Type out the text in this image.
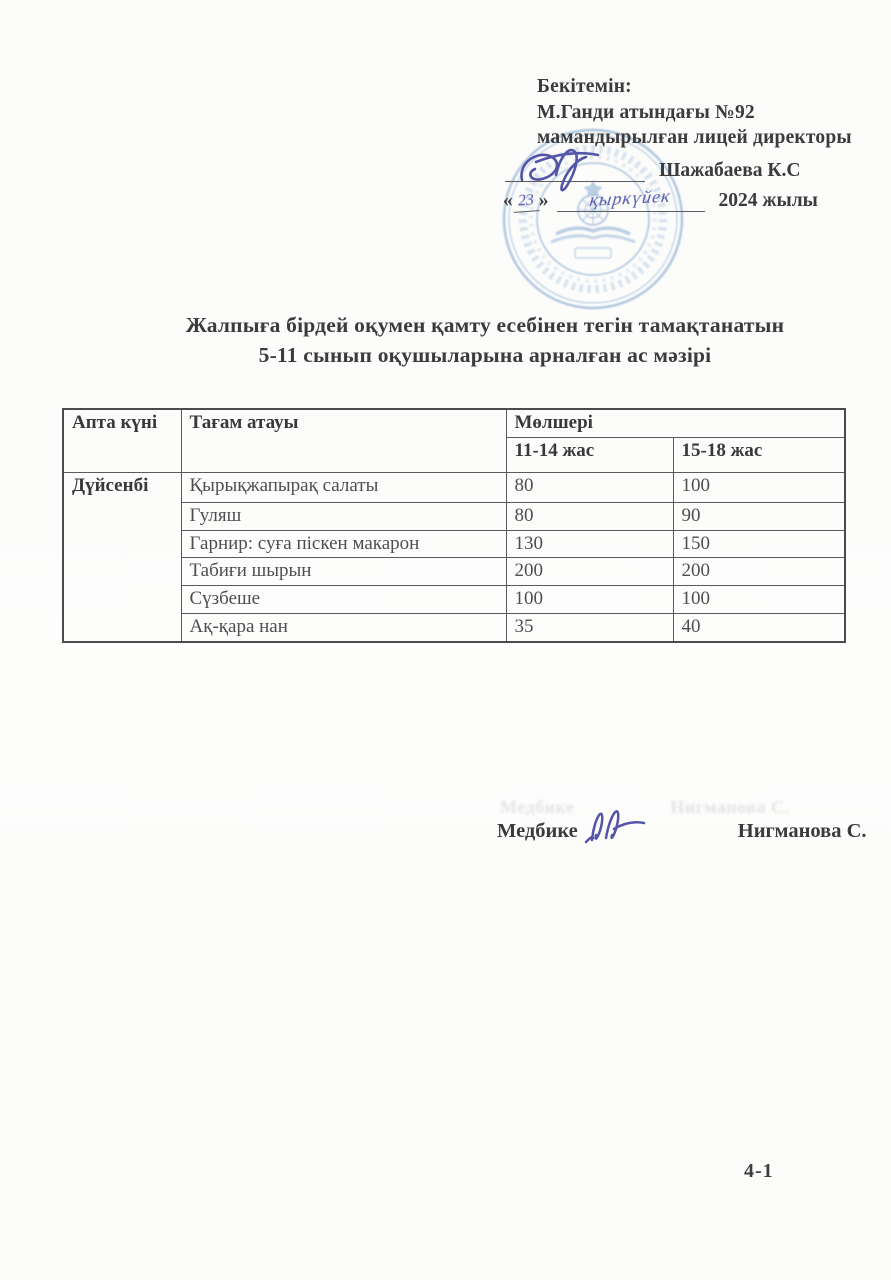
Бекітемін:
М.Ганди атындағы №92
мамандырылған лицей директоры
Шажабаева К.С
« 23 » қыркүйек 2024 жылы
Жалпыға бірдей оқумен қамту есебінен тегін тамақтанатын
5-11 сынып оқушыларына арналған ас мәзірі
Апта күні	Тағам атауы	Мөлшері	
		11-14 жас	15-18 жас
Дүйсенбі	Қырықжапырақ салаты	80	100
	Гуляш	80	90
	Гарнир: суға піскен макарон	130	150
	Табиғи шырын	200	200
	Сүзбеше	100	100
	Ақ-қара нан	35	40
Медбике	Нигманова С.
Медбике	Нигманова С.
4-1
